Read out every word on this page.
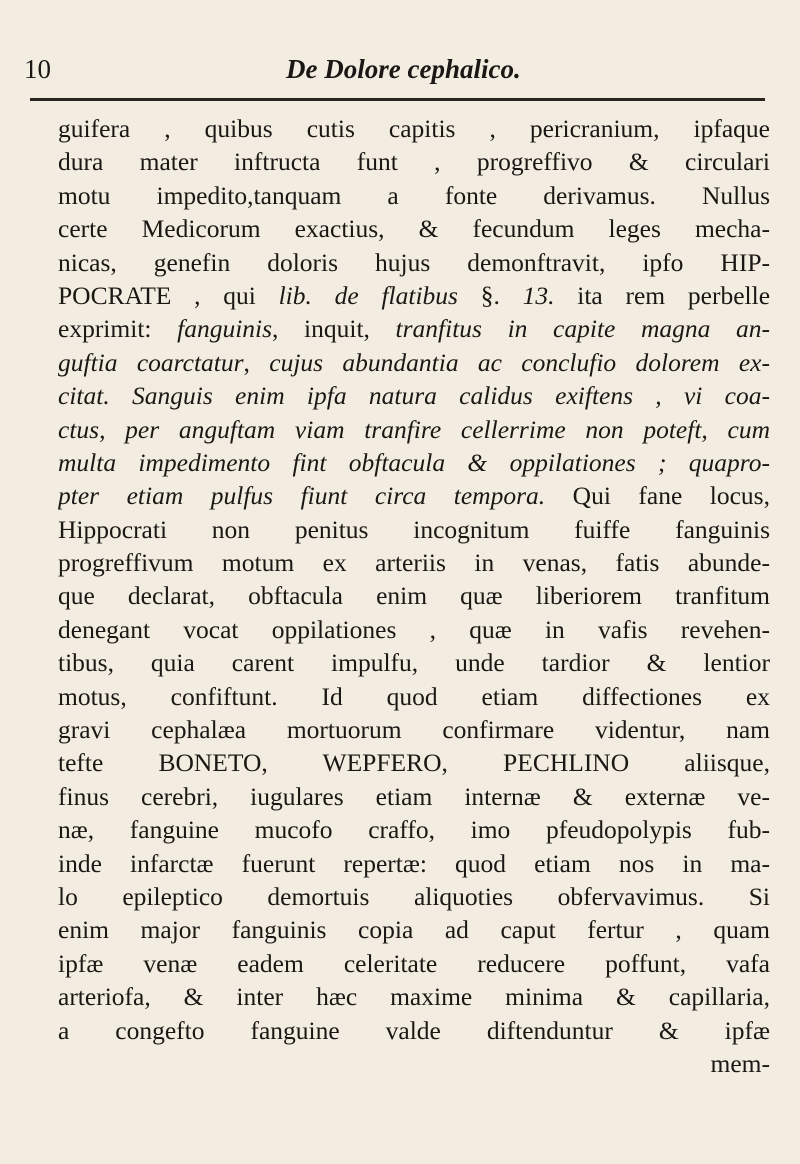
10	De Dolore cephalico.
guifera , quibus cutis capitis , pericranium, ipfaque
dura mater inftructa funt , progreffivo & circulari
motu impedito,tanquam a fonte derivamus. Nullus
certe Medicorum exactius, & fecundum leges mecha-
nicas, genefin doloris hujus demonftravit, ipfo HIP-
POCRATE , qui lib. de flatibus §. 13. ita rem perbelle
exprimit: fanguinis, inquit, tranfitus in capite magna an-
guftia coarctatur, cujus abundantia ac conclufio dolorem ex-
citat. Sanguis enim ipfa natura calidus exiftens , vi coa-
ctus, per anguftam viam tranfire cellerrime non poteft, cum
multa impedimento fint obftacula & oppilationes ; quapro-
pter etiam pulfus fiunt circa tempora. Qui fane locus,
Hippocrati non penitus incognitum fuiffe fanguinis
progreffivum motum ex arteriis in venas, fatis abunde-
que declarat, obftacula enim quæ liberiorem tranfitum
denegant vocat oppilationes , quæ in vafis revehen-
tibus, quia carent impulfu, unde tardior & lentior
motus, confiftunt. Id quod etiam diffectiones ex
gravi cephalæa mortuorum confirmare videntur, nam
tefte BONETO, WEPFERO, PECHLINO aliisque,
finus cerebri, iugulares etiam internæ & externæ ve-
næ, fanguine mucofo craffo, imo pfeudopolypis fub-
inde infarctæ fuerunt repertæ: quod etiam nos in ma-
lo epileptico demortuis aliquoties obfervavimus. Si
enim major fanguinis copia ad caput fertur , quam
ipfæ venæ eadem celeritate reducere poffunt, vafa
arteriofa, & inter hæc maxime minima & capillaria,
a congefto fanguine valde diftenduntur & ipfæ
mem-
